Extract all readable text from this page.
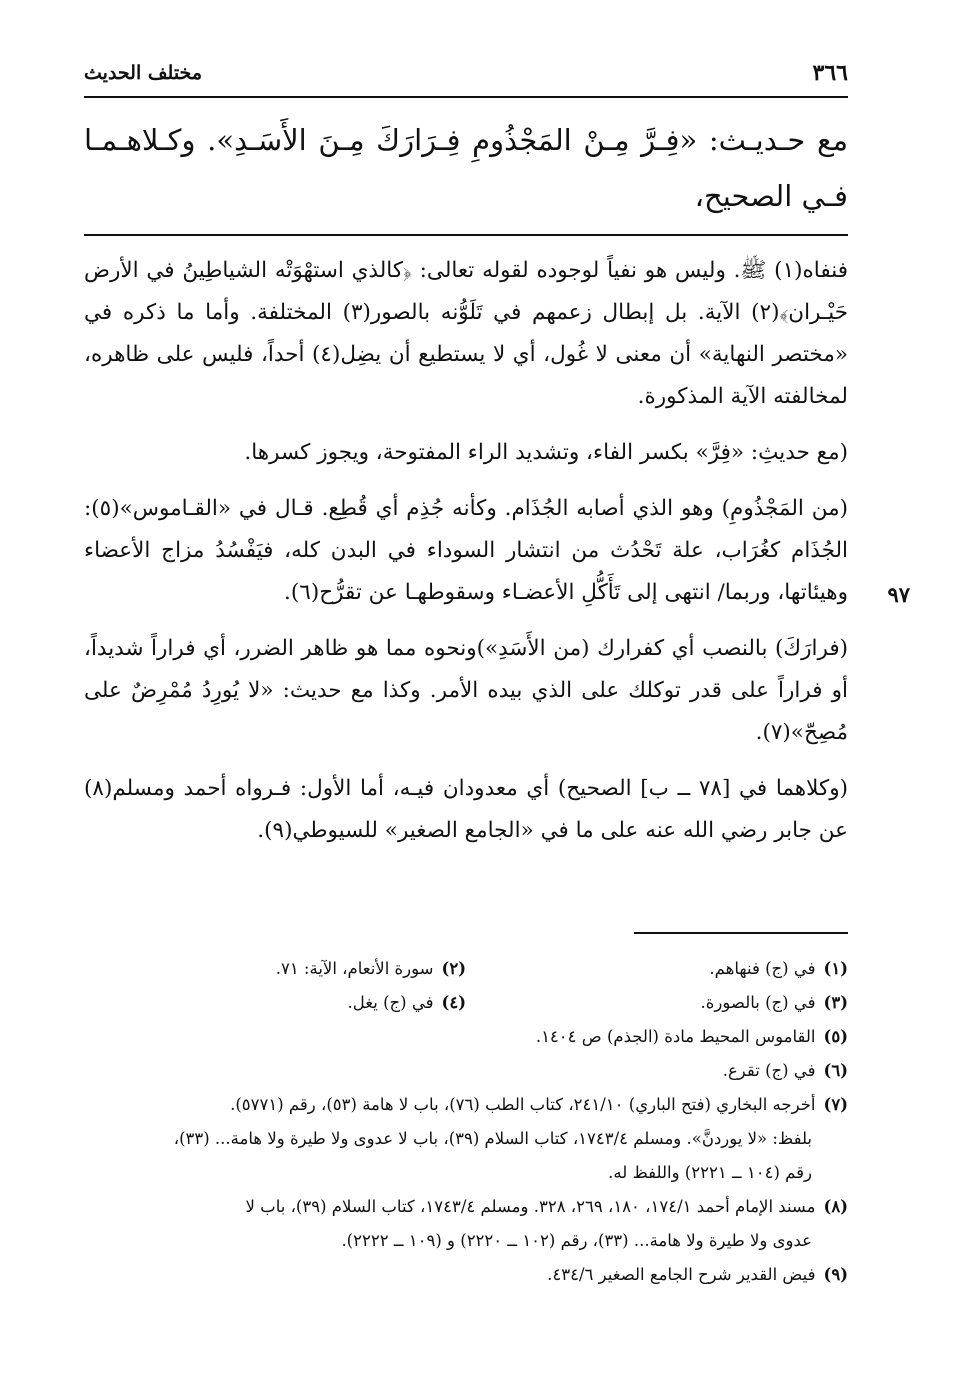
٣٦٦
مختلف الحديث
مع حـديـث: «فِـرَّ مِـنْ المَجْذُومِ فِـرَارَكَ مِـنَ الأَسَـدِ». وكـلاهـمـا فـي الصحيح،

فنفاه(١) ﷺ. وليس هو نفياً لوجوده لقوله تعالى: ﴿كالذي استهْوَتْه الشياطِينُ في الأرض حَيْـران﴾(٢) الآية. بل إبطال زعمهم في تَلَوُّنه بالصور(٣) المختلفة. وأما ما ذكره في «مختصر النهاية» أن معنى لا غُول، أي لا يستطيع أن يضِل(٤) أحداً، فليس على ظاهره، لمخالفته الآية المذكورة.

(مع حديثِ: «فِرَّ» بكسر الفاء، وتشديد الراء المفتوحة، ويجوز كسرها.

(من المَجْذُومِ) وهو الذي أصابه الجُذَام. وكأنه جُذِم أي قُطِع. قـال في «القـاموس»(٥): الجُذَام كغُرَاب، علة تَحْدُث من انتشار السوداء في البدن كله، فيَفْسُدُ مزاج الأعضاء وهيئاتها، وربما/ انتهى إلى تَأَكُّلِ الأعضـاء وسقوطهـا عن تقرُّح(٦).

(فرارَكَ) بالنصب أي كفرارك (من الأَسَدِ»)ونحوه مما هو ظاهر الضرر، أي فراراً شديداً، أو فراراً على قدر توكلك على الذي بيده الأمر. وكذا مع حديث: «لا يُورِدُ مُمْرِضٌ على مُصِحّ»(٧).

(وكلاهما في [٧٨ ــ ب] الصحيح) أي معدودان فيـه، أما الأول: فـرواه أحمد ومسلم(٨) عن جابر رضي الله عنه على ما في «الجامع الصغير» للسيوطي(٩).

٩٧
(١)في (ج) فنهاهم.
(٢)سورة الأنعام، الآية: ٧١.
(٣)في (ج) بالصورة.
(٤)في (ج) يغل.
(٥)القاموس المحيط مادة (الجذم) ص ١٤٠٤.
(٦)في (ج) تقرع.
(٧)أخرجه البخاري (فتح الباري) ٢٤١/١٠، كتاب الطب (٧٦)، باب لا هامة (٥٣)، رقم (٥٧٧١).
بلفظ: «لا يوردنَّ». ومسلم ١٧٤٣/٤، كتاب السلام (٣٩)، باب لا عدوى ولا طيرة ولا هامة... (٣٣)،
رقم (١٠٤ ــ ٢٢٢١) واللفظ له.
(٨)مسند الإمام أحمد ١٧٤/١، ١٨٠، ٢٦٩، ٣٢٨. ومسلم ١٧٤٣/٤، كتاب السلام (٣٩)، باب لا
عدوى ولا طيرة ولا هامة... (٣٣)، رقم (١٠٢ ــ ٢٢٢٠) و (١٠٩ ــ ٢٢٢٢).
(٩)فيض القدير شرح الجامع الصغير ٤٣٤/٦.
